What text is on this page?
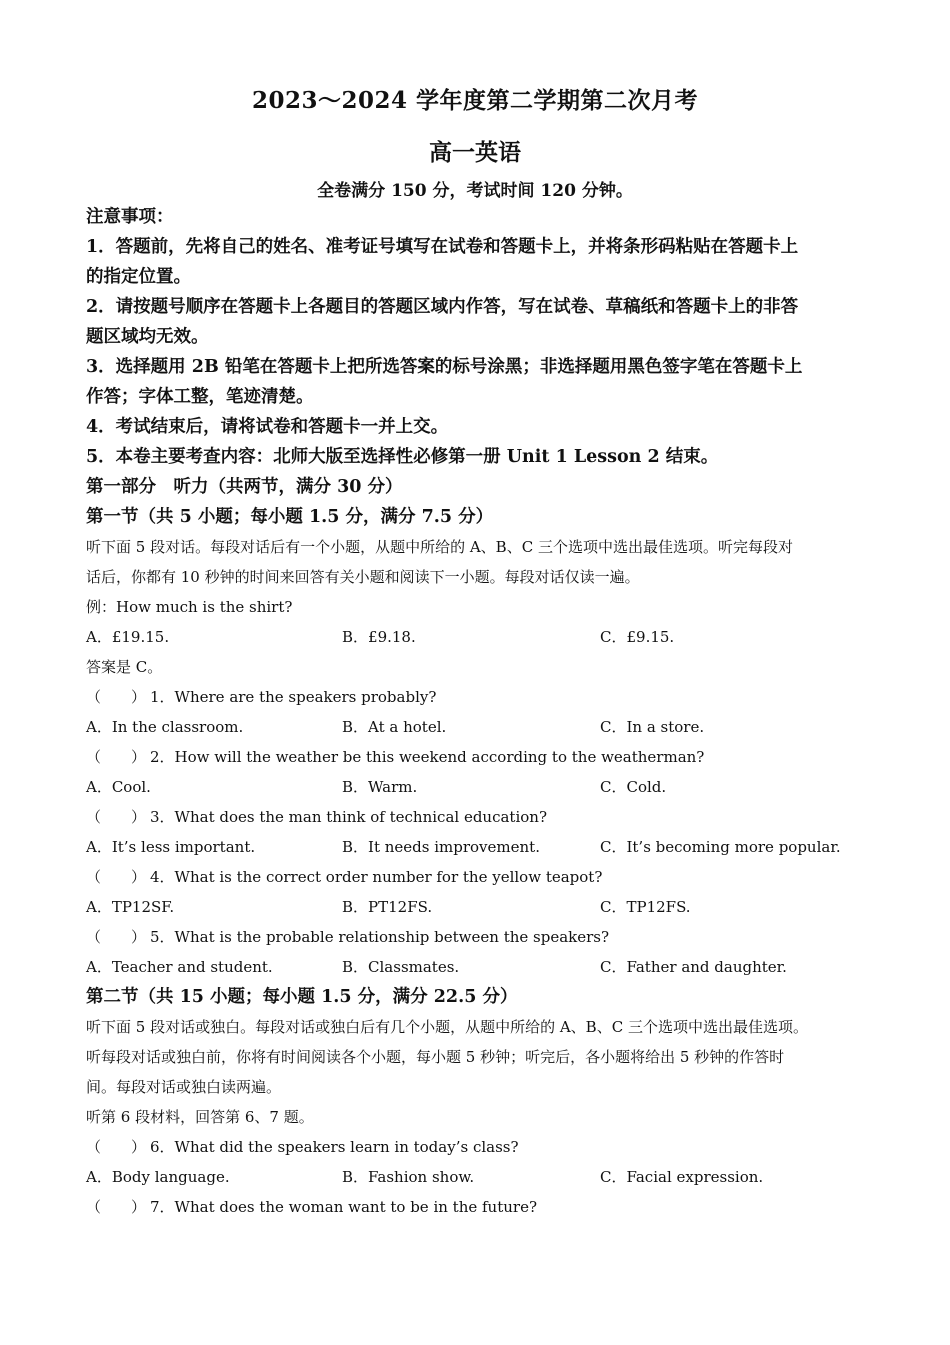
2023～2024 学年度第二学期第二次月考
高一英语
全卷满分 150 分，考试时间 120 分钟。
注意事项：
1．答题前，先将自己的姓名、准考证号填写在试卷和答题卡上，并将条形码粘贴在答题卡上
的指定位置。
2．请按题号顺序在答题卡上各题目的答题区域内作答，写在试卷、草稿纸和答题卡上的非答
题区域均无效。
3．选择题用 2B 铅笔在答题卡上把所选答案的标号涂黑；非选择题用黑色签字笔在答题卡上
作答；字体工整，笔迹清楚。
4．考试结束后，请将试卷和答题卡一并上交。
5．本卷主要考查内容：北师大版至选择性必修第一册 Unit 1 Lesson 2 结束。
第一部分　听力（共两节，满分 30 分）
第一节（共 5 小题；每小题 1.5 分，满分 7.5 分）
听下面 5 段对话。每段对话后有一个小题，从题中所给的 A、B、C 三个选项中选出最佳选项。听完每段对
话后，你都有 10 秒钟的时间来回答有关小题和阅读下一小题。每段对话仅读一遍。
例：How much is the shirt?
A．£19.15.	B．£9.18.	C．£9.15.
答案是 C。
（　　） 1．Where are the speakers probably?
A．In the classroom.	B．At a hotel.	C．In a store.
（　　） 2．How will the weather be this weekend according to the weatherman?
A．Cool.	B．Warm.	C．Cold.
（　　） 3．What does the man think of technical education?
A．It’s less important.	B．It needs improvement.	C．It’s becoming more popular.
（　　） 4．What is the correct order number for the yellow teapot?
A．TP12SF.	B．PT12FS.	C．TP12FS.
（　　） 5．What is the probable relationship between the speakers?
A．Teacher and student.	B．Classmates.	C．Father and daughter.
第二节（共 15 小题；每小题 1.5 分，满分 22.5 分）
听下面 5 段对话或独白。每段对话或独白后有几个小题，从题中所给的 A、B、C 三个选项中选出最佳选项。
听每段对话或独白前，你将有时间阅读各个小题，每小题 5 秒钟；听完后，各小题将给出 5 秒钟的作答时
间。每段对话或独白读两遍。
听第 6 段材料，回答第 6、7 题。
（　　） 6．What did the speakers learn in today’s class?
A．Body language.	B．Fashion show.	C．Facial expression.
（　　） 7．What does the woman want to be in the future?
